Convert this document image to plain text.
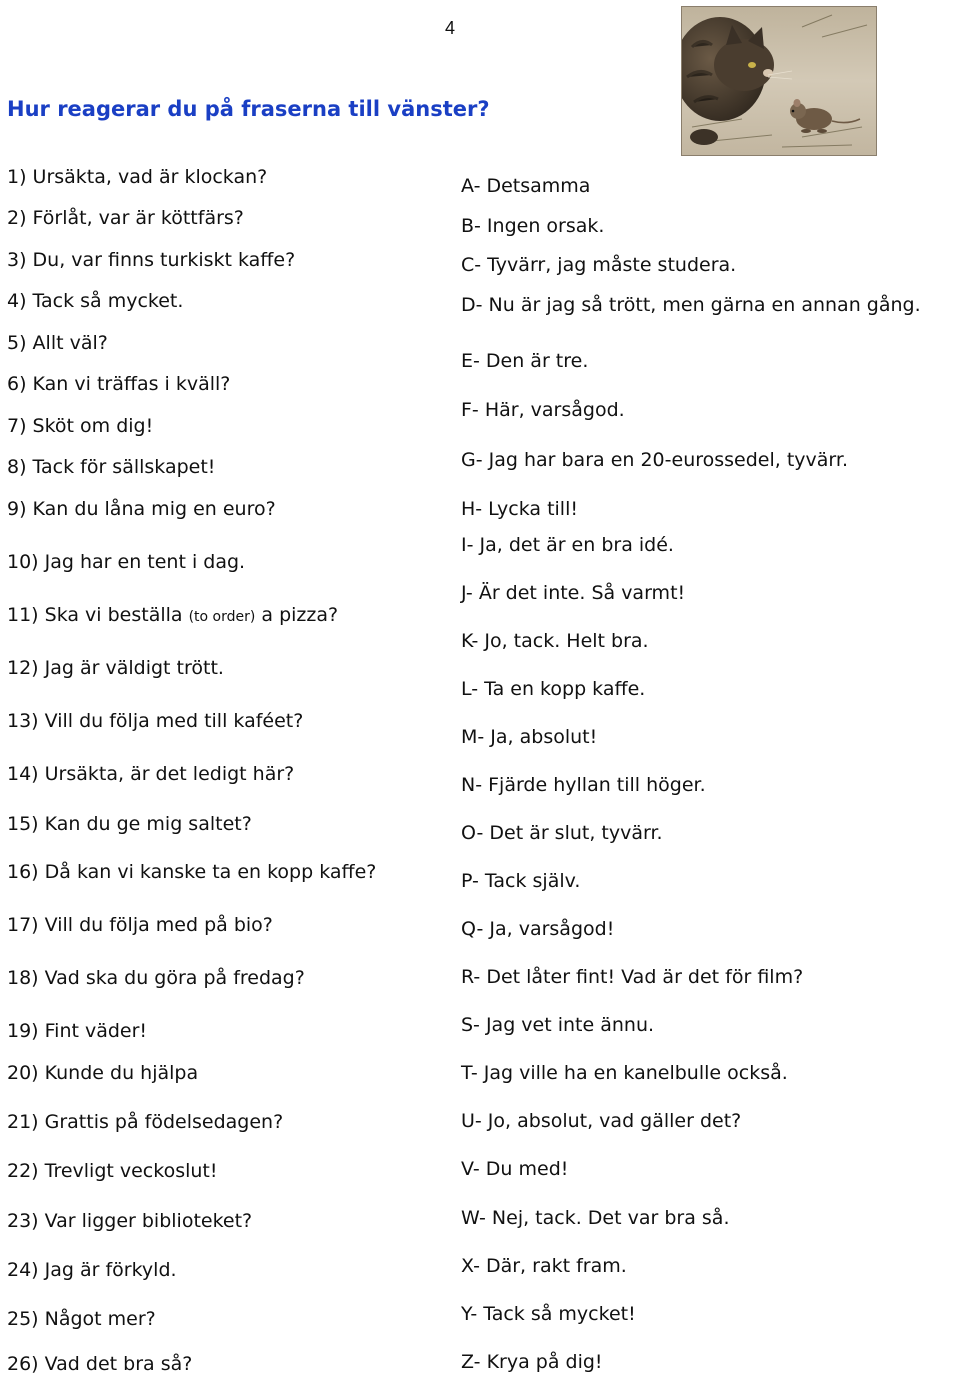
4
Hur reagerar du på fraserna till vänster?
1) Ursäkta, vad är klockan?
2) Förlåt, var är köttfärs?
3) Du, var finns turkiskt kaffe?
4) Tack så mycket.
5) Allt väl?
6) Kan vi träffas i kväll?
7) Sköt om dig!
8) Tack för sällskapet!
9) Kan du låna mig en euro?
10) Jag har en tent i dag.
11) Ska vi beställa (to order) a pizza?
12) Jag är väldigt trött.
13) Vill du följa med till kaféet?
14) Ursäkta, är det ledigt här?
15) Kan du ge mig saltet?
16) Då kan vi kanske ta en kopp kaffe?
17) Vill du följa med på bio?
18) Vad ska du göra på fredag?
19) Fint väder!
20) Kunde du hjälpa
21) Grattis på födelsedagen?
22) Trevligt veckoslut!
23) Var ligger biblioteket?
24) Jag är förkyld.
25) Något mer?
26) Vad det bra så?
A- Detsamma
B- Ingen orsak.
C- Tyvärr, jag måste studera.
D- Nu är jag så trött, men gärna en annan gång.
E- Den är tre.
F- Här, varsågod.
G- Jag har bara en 20-eurossedel, tyvärr.
H- Lycka till!
I- Ja, det är en bra idé.
J- Är det inte. Så varmt!
K- Jo, tack. Helt bra.
L- Ta en kopp kaffe.
M- Ja, absolut!
N- Fjärde hyllan till höger.
O- Det är slut, tyvärr.
P- Tack själv.
Q- Ja, varsågod!
R- Det låter fint! Vad är det för film?
S- Jag vet inte ännu.
T- Jag ville ha en kanelbulle också.
U- Jo, absolut, vad gäller det?
V- Du med!
W- Nej, tack. Det var bra så.
X- Där, rakt fram.
Y- Tack så mycket!
Z- Krya på dig!
